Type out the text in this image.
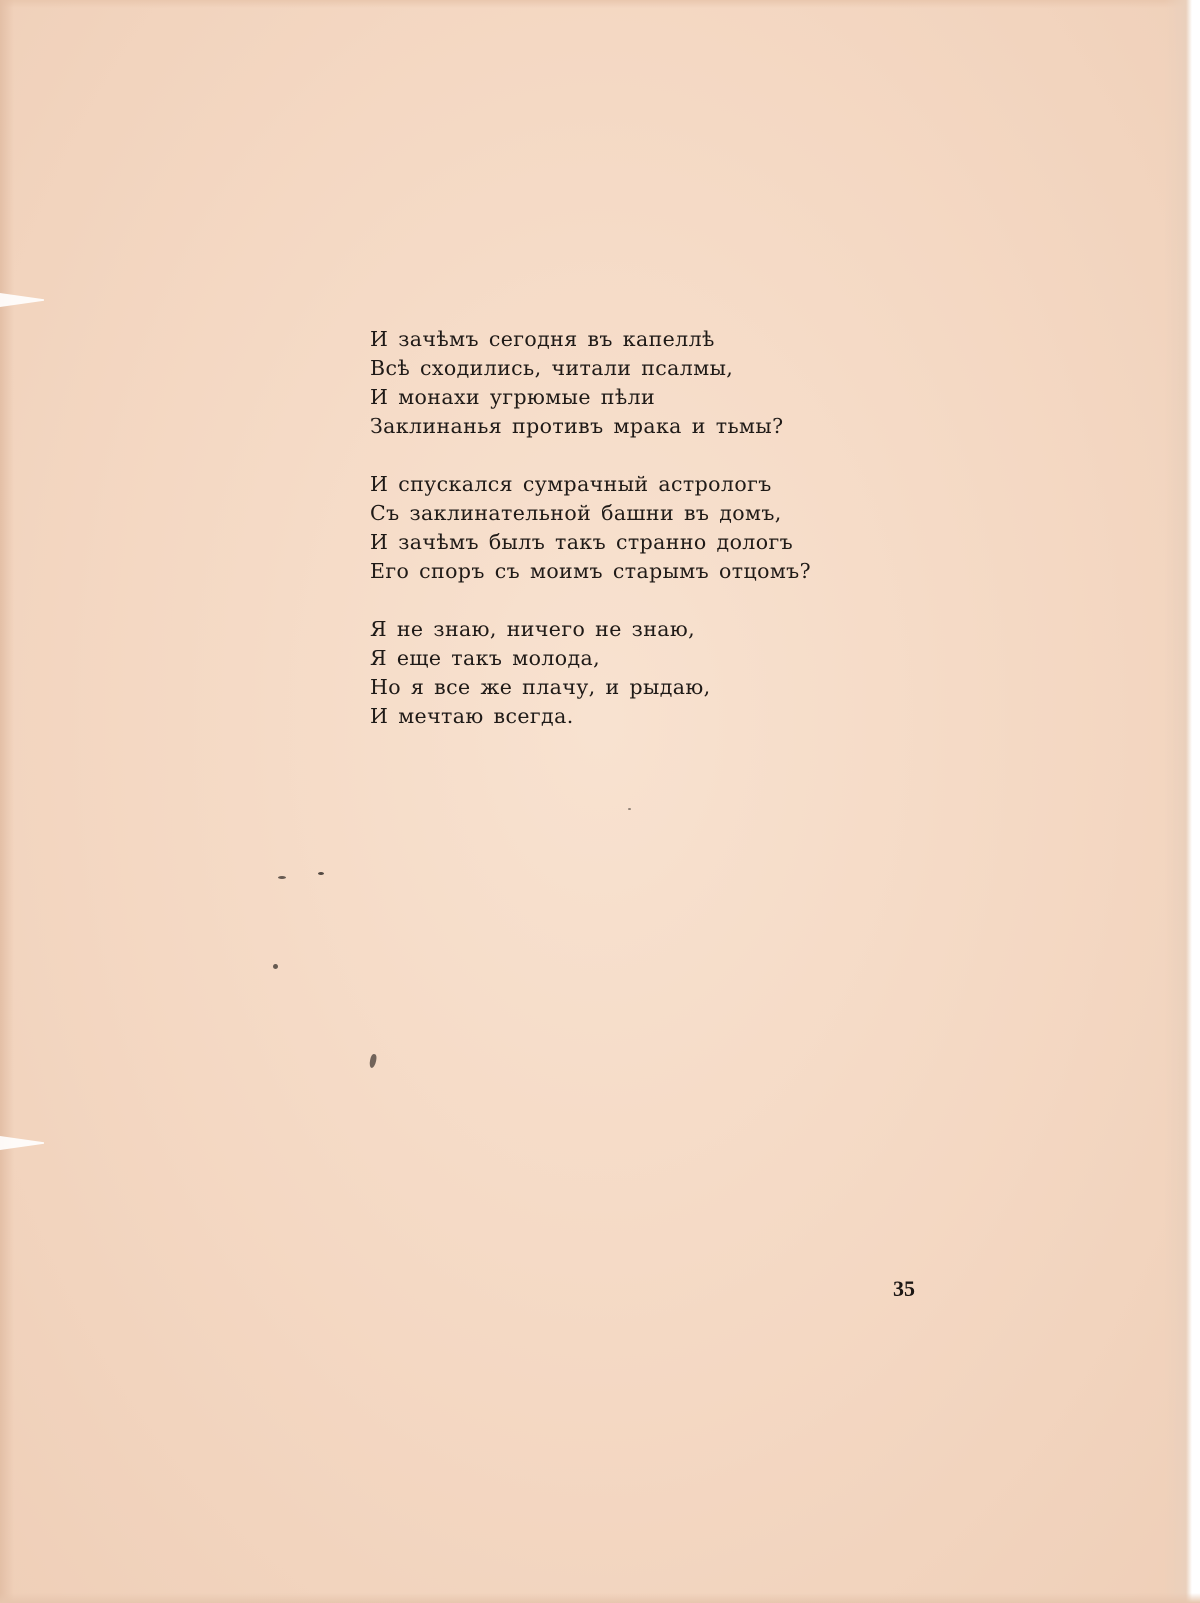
И зачѣмъ сегодня въ капеллѣ
Всѣ сходились, читали псалмы,
И монахи угрюмые пѣли
Заклинанья противъ мрака и тьмы?
И спускался сумрачный астрологъ
Съ заклинательной башни въ домъ,
И зачѣмъ былъ такъ странно дологъ
Его споръ съ моимъ старымъ отцомъ?
Я не знаю, ничего не знаю,
Я еще такъ молода,
Но я все же плачу, и рыдаю,
И мечтаю всегда.
35
